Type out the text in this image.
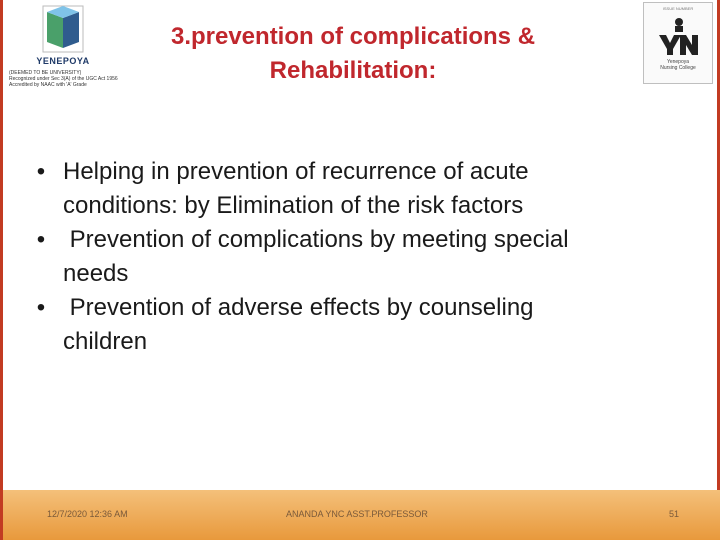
YENEPOYA
(DEEMED TO BE UNIVERSITY)
Recognized under Sec 3(A) of the UGC Act 1956
Accredited by NAAC with 'A' Grade
3.prevention of complications &
Rehabilitation:
ISSUE NUMBER
Yenepoya
Nursing College
• Helping in prevention of recurrence of acute
conditions: by Elimination of the risk factors
• Prevention of complications by meeting special
needs
• Prevention of adverse effects by counseling
children
12/7/2020 12:36 AM	ANANDA YNC ASST.PROFESSOR	51
